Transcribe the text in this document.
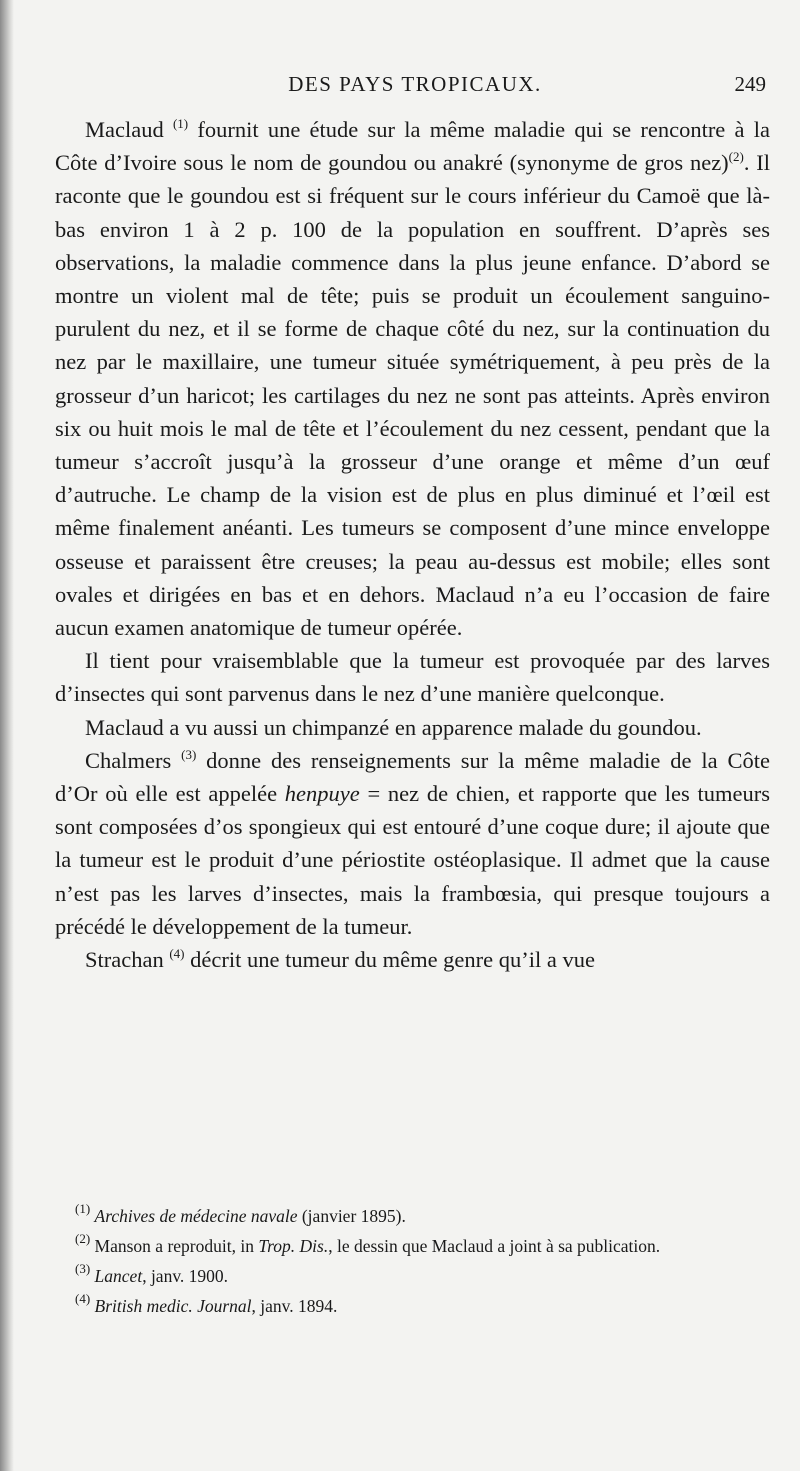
DES PAYS TROPICAUX.	249

Maclaud $^{(1)}$ fournit une étude sur la même maladie qui se rencontre à la Côte d’Ivoire sous le nom de goundou ou anakré (synonyme de gros nez)$^{(2)}$. Il raconte que le goundou est si fréquent sur le cours inférieur du Camoë que là-bas environ 1 à 2 p. 100 de la population en souffrent. D’après ses observations, la maladie commence dans la plus jeune enfance. D’abord se montre un violent mal de tête; puis se produit un écoulement sanguino-purulent du nez, et il se forme de chaque côté du nez, sur la continuation du nez par le maxillaire, une tumeur située symétriquement, à peu près de la grosseur d’un haricot; les cartilages du nez ne sont pas atteints. Après environ six ou huit mois le mal de tête et l’écoulement du nez cessent, pendant que la tumeur s’accroît jusqu’à la grosseur d’une orange et même d’un œuf d’autruche. Le champ de la vision est de plus en plus diminué et l’œil est même finalement anéanti. Les tumeurs se composent d’une mince enveloppe osseuse et paraissent être creuses; la peau au-dessus est mobile; elles sont ovales et dirigées en bas et en dehors. Maclaud n’a eu l’occasion de faire aucun examen anatomique de tumeur opérée.

Il tient pour vraisemblable que la tumeur est provoquée par des larves d’insectes qui sont parvenus dans le nez d’une manière quelconque.

Maclaud a vu aussi un chimpanzé en apparence malade du goundou.

Chalmers $^{(3)}$ donne des renseignements sur la même maladie de la Côte d’Or où elle est appelée henpuye = nez de chien, et rapporte que les tumeurs sont composées d’os spongieux qui est entouré d’une coque dure; il ajoute que la tumeur est le produit d’une périostite ostéoplasique. Il admet que la cause n’est pas les larves d’insectes, mais la frambœsia, qui presque toujours a précédé le développement de la tumeur.

Strachan $^{(4)}$ décrit une tumeur du même genre qu’il a vue

$^{(1)}$ Archives de médecine navale (janvier 1895).

$^{(2)}$ Manson a reproduit, in Trop. Dis., le dessin que Maclaud a joint à sa publication.

$^{(3)}$ Lancet, janv. 1900.

$^{(4)}$ British medic. Journal, janv. 1894.
